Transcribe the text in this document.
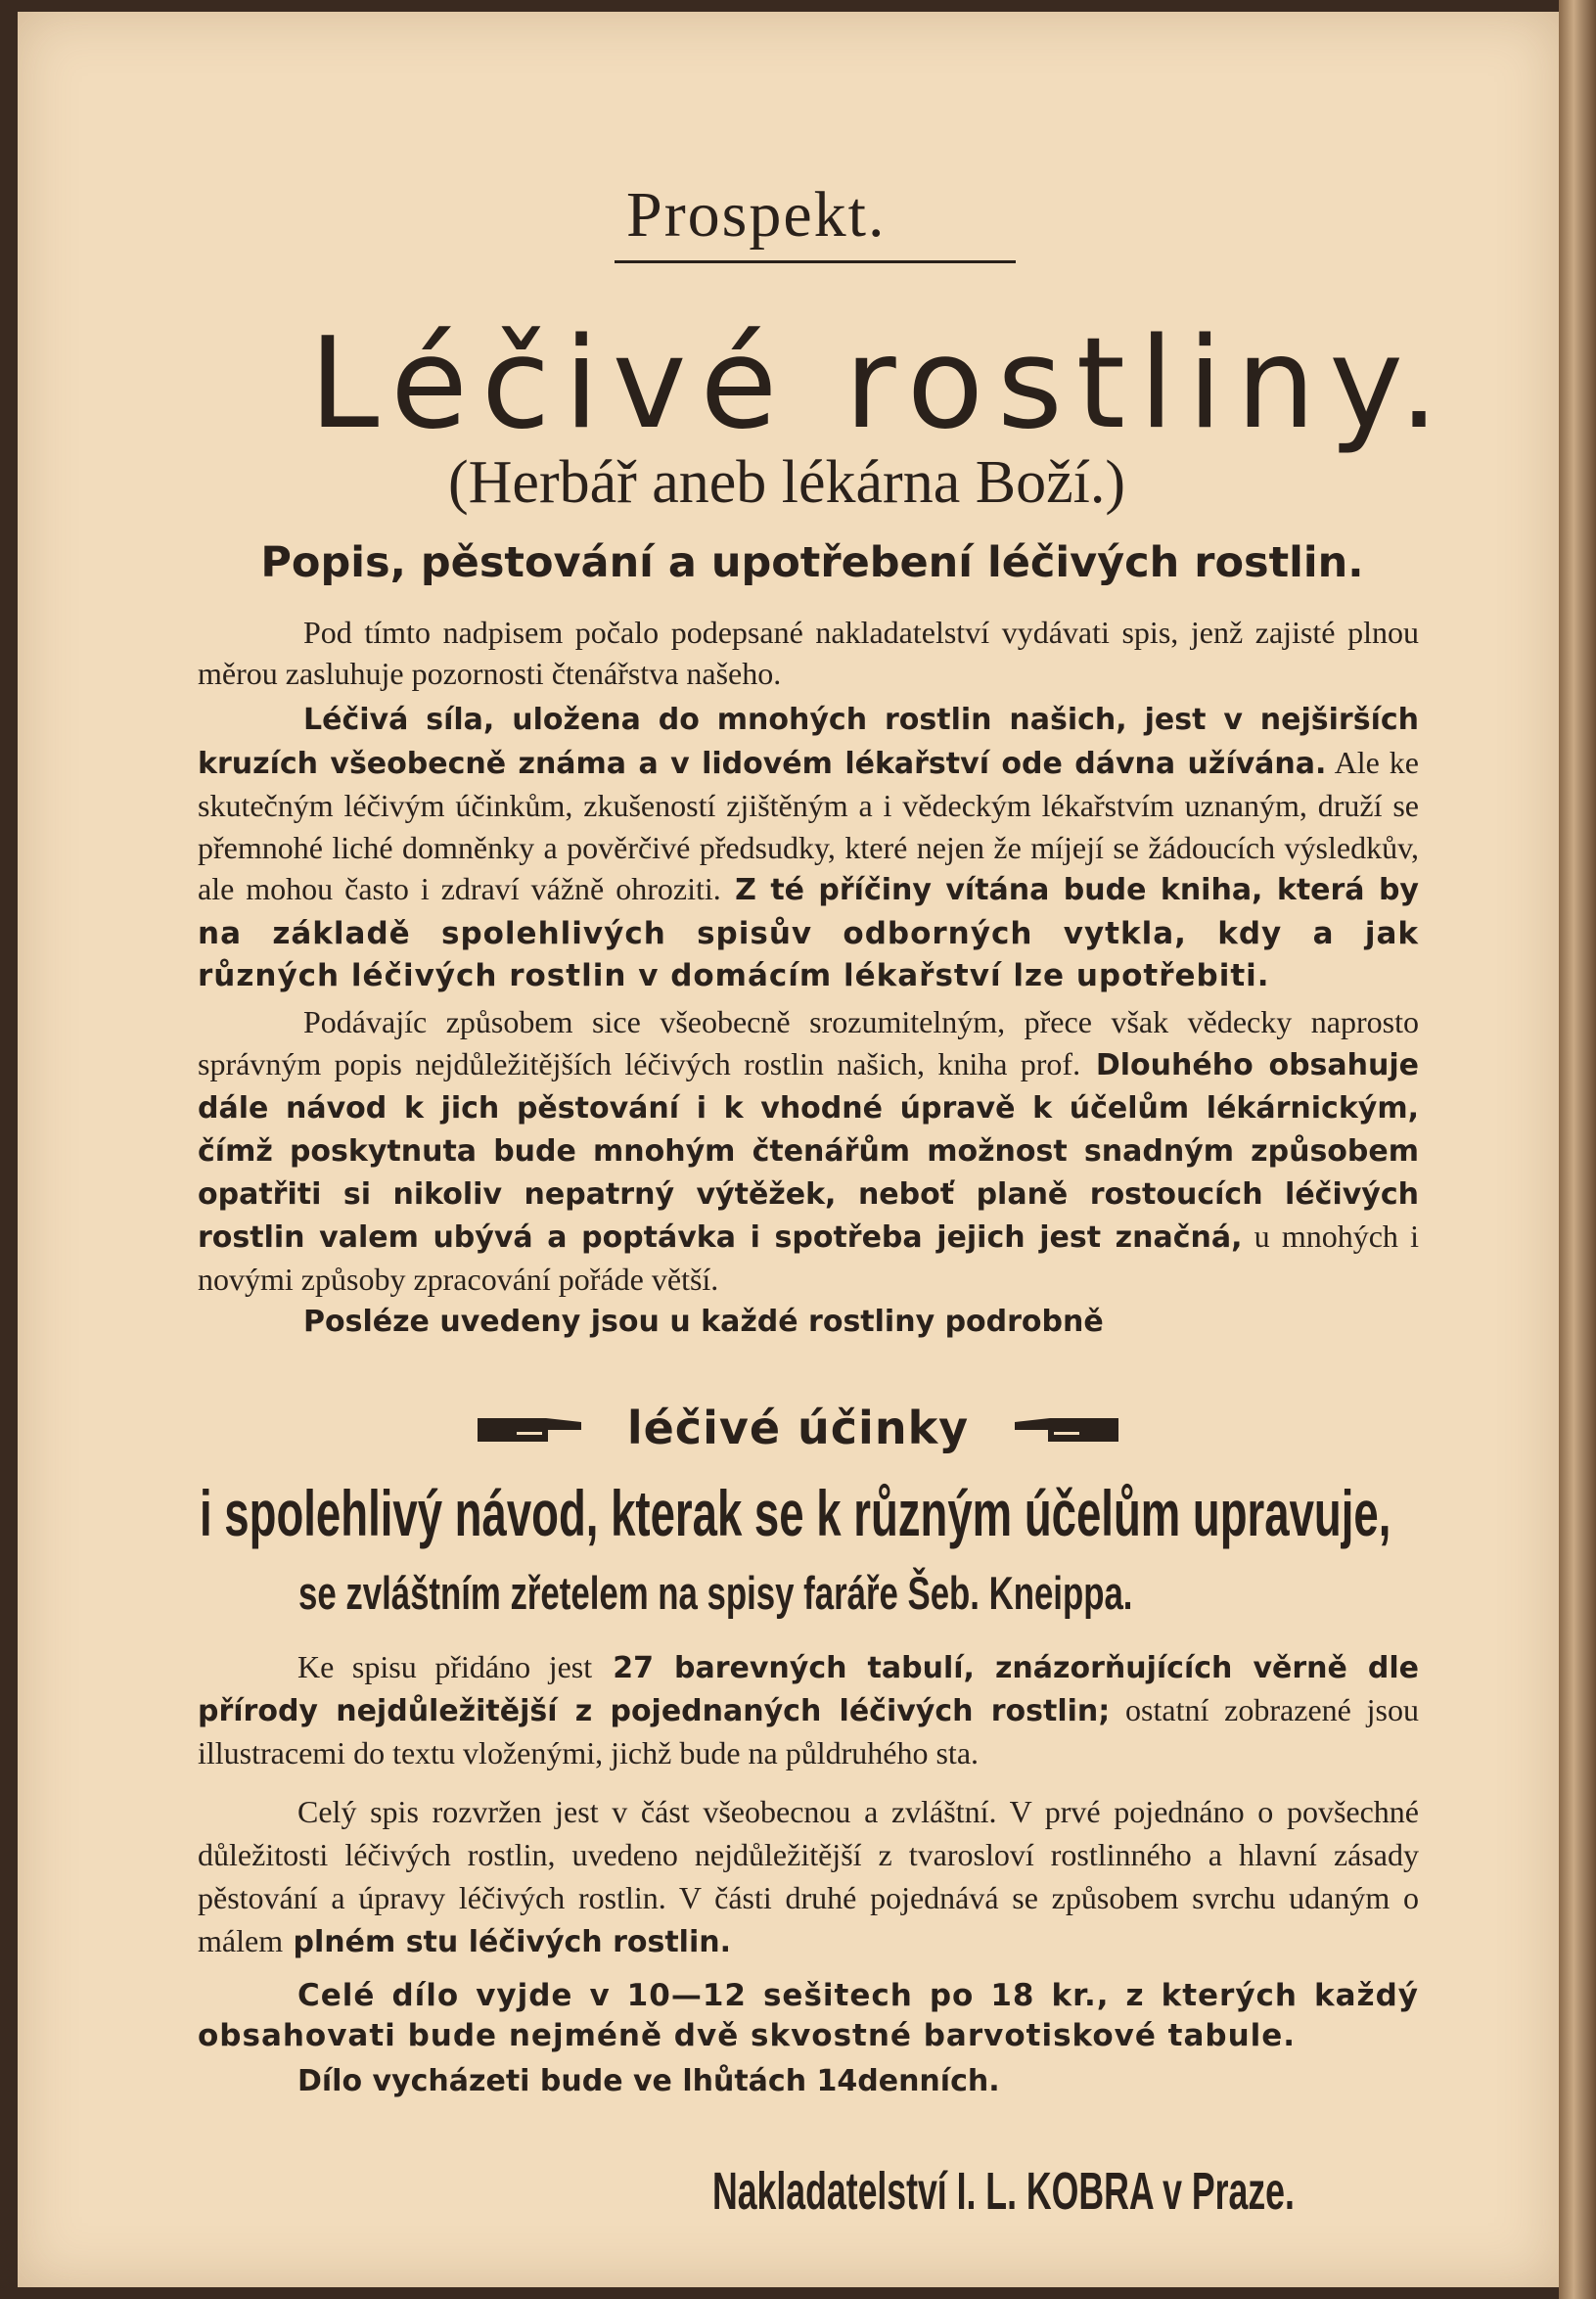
Prospekt.
Léčivé rostliny.
(Herbář aneb lékárna Boží.)
Popis, pěstování a upotřebení léčivých rostlin.

Pod tímto nadpisem počalo podepsané nakladatelství vydávati spis, jenž zajisté plnou měrou zasluhuje pozornosti čtenářstva našeho.

Léčivá síla, uložena do mnohých rostlin našich, jest v nejširších kruzích všeobecně známa a v lidovém lékařství ode dávna užívána. Ale ke skutečným léčivým účinkům, zkušeností zjištěným a i vědeckým lékařstvím uznaným, druží se přemnohé liché domněnky a pověrčivé předsudky, které nejen že míjejí se žádoucích výsledkův, ale mohou často i zdraví vážně ohroziti. Z té příčiny vítána bude kniha, která by na základě spolehlivých spisův odborných vytkla, kdy a jak různých léčivých rostlin v domácím lékařství lze upotřebiti.

Podávajíc způsobem sice všeobecně srozumitelným, přece však vědecky naprosto správným popis nejdůležitějších léčivých rostlin našich, kniha prof. Dlouhého obsahuje dále návod k jich pěstování i k vhodné úpravě k účelům lékárnickým, čímž poskytnuta bude mnohým čtenářům možnost snadným způsobem opatřiti si nikoliv nepatrný výtěžek, neboť planě rostoucích léčivých rostlin valem ubývá a poptávka i spotřeba jejich jest značná, u mnohých i novými způsoby zpracování pořáde větší.

Posléze uvedeny jsou u každé rostliny podrobně

léčivé účinky
i spolehlivý návod, kterak se k různým účelům upravuje,
se zvláštním zřetelem na spisy faráře Šeb. Kneippa.

Ke spisu přidáno jest 27 barevných tabulí, znázorňujících věrně dle přírody nejdůležitější z pojednaných léčivých rostlin; ostatní zobrazené jsou illustracemi do textu vloženými, jichž bude na půldruhého sta.

Celý spis rozvržen jest v část všeobecnou a zvláštní. V prvé pojednáno o povšechné důležitosti léčivých rostlin, uvedeno nejdůležitější z tvarosloví rostlinného a hlavní zásady pěstování a úpravy léčivých rostlin. V části druhé pojednává se způsobem svrchu udaným o málem plném stu léčivých rostlin.

Celé dílo vyjde v 10—12 sešitech po 18 kr., z kterých každý obsahovati bude nejméně dvě skvostné barvotiskové tabule.

Dílo vycházeti bude ve lhůtách 14denních.

Nakladatelství I. L. KOBRA v Praze.
